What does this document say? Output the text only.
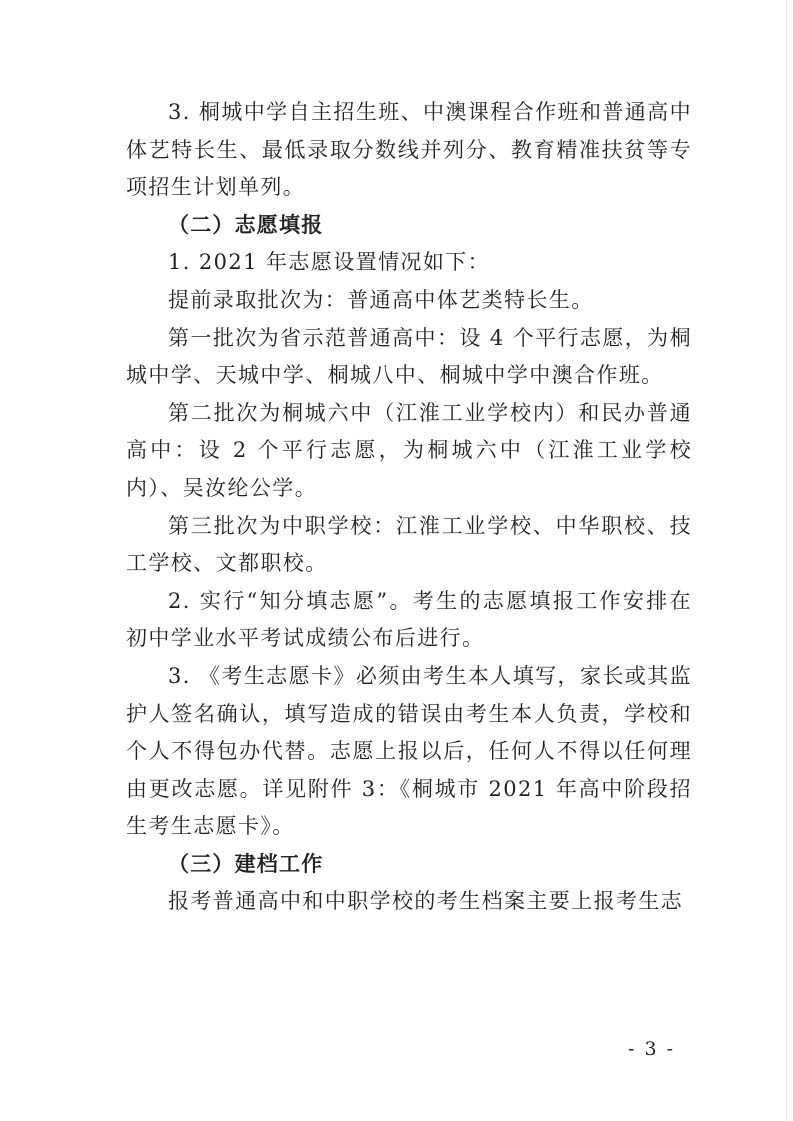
3. 桐城中学自主招生班、中澳课程合作班和普通高中体艺特长生、最低录取分数线并列分、教育精准扶贫等专项招生计划单列。

（二）志愿填报

1. 2021 年志愿设置情况如下：

提前录取批次为：普通高中体艺类特长生。

第一批次为省示范普通高中：设 4 个平行志愿，为桐城中学、天城中学、桐城八中、桐城中学中澳合作班。

第二批次为桐城六中（江淮工业学校内）和民办普通高中：设 2 个平行志愿，为桐城六中（江淮工业学校内）、吴汝纶公学。

第三批次为中职学校：江淮工业学校、中华职校、技工学校、文都职校。

2. 实行“知分填志愿”。考生的志愿填报工作安排在初中学业水平考试成绩公布后进行。

3. 《考生志愿卡》必须由考生本人填写，家长或其监护人签名确认，填写造成的错误由考生本人负责，学校和个人不得包办代替。志愿上报以后，任何人不得以任何理由更改志愿。详见附件 3：《桐城市 2021 年高中阶段招生考生志愿卡》。

（三）建档工作

报考普通高中和中职学校的考生档案主要上报考生志

- 3 -
